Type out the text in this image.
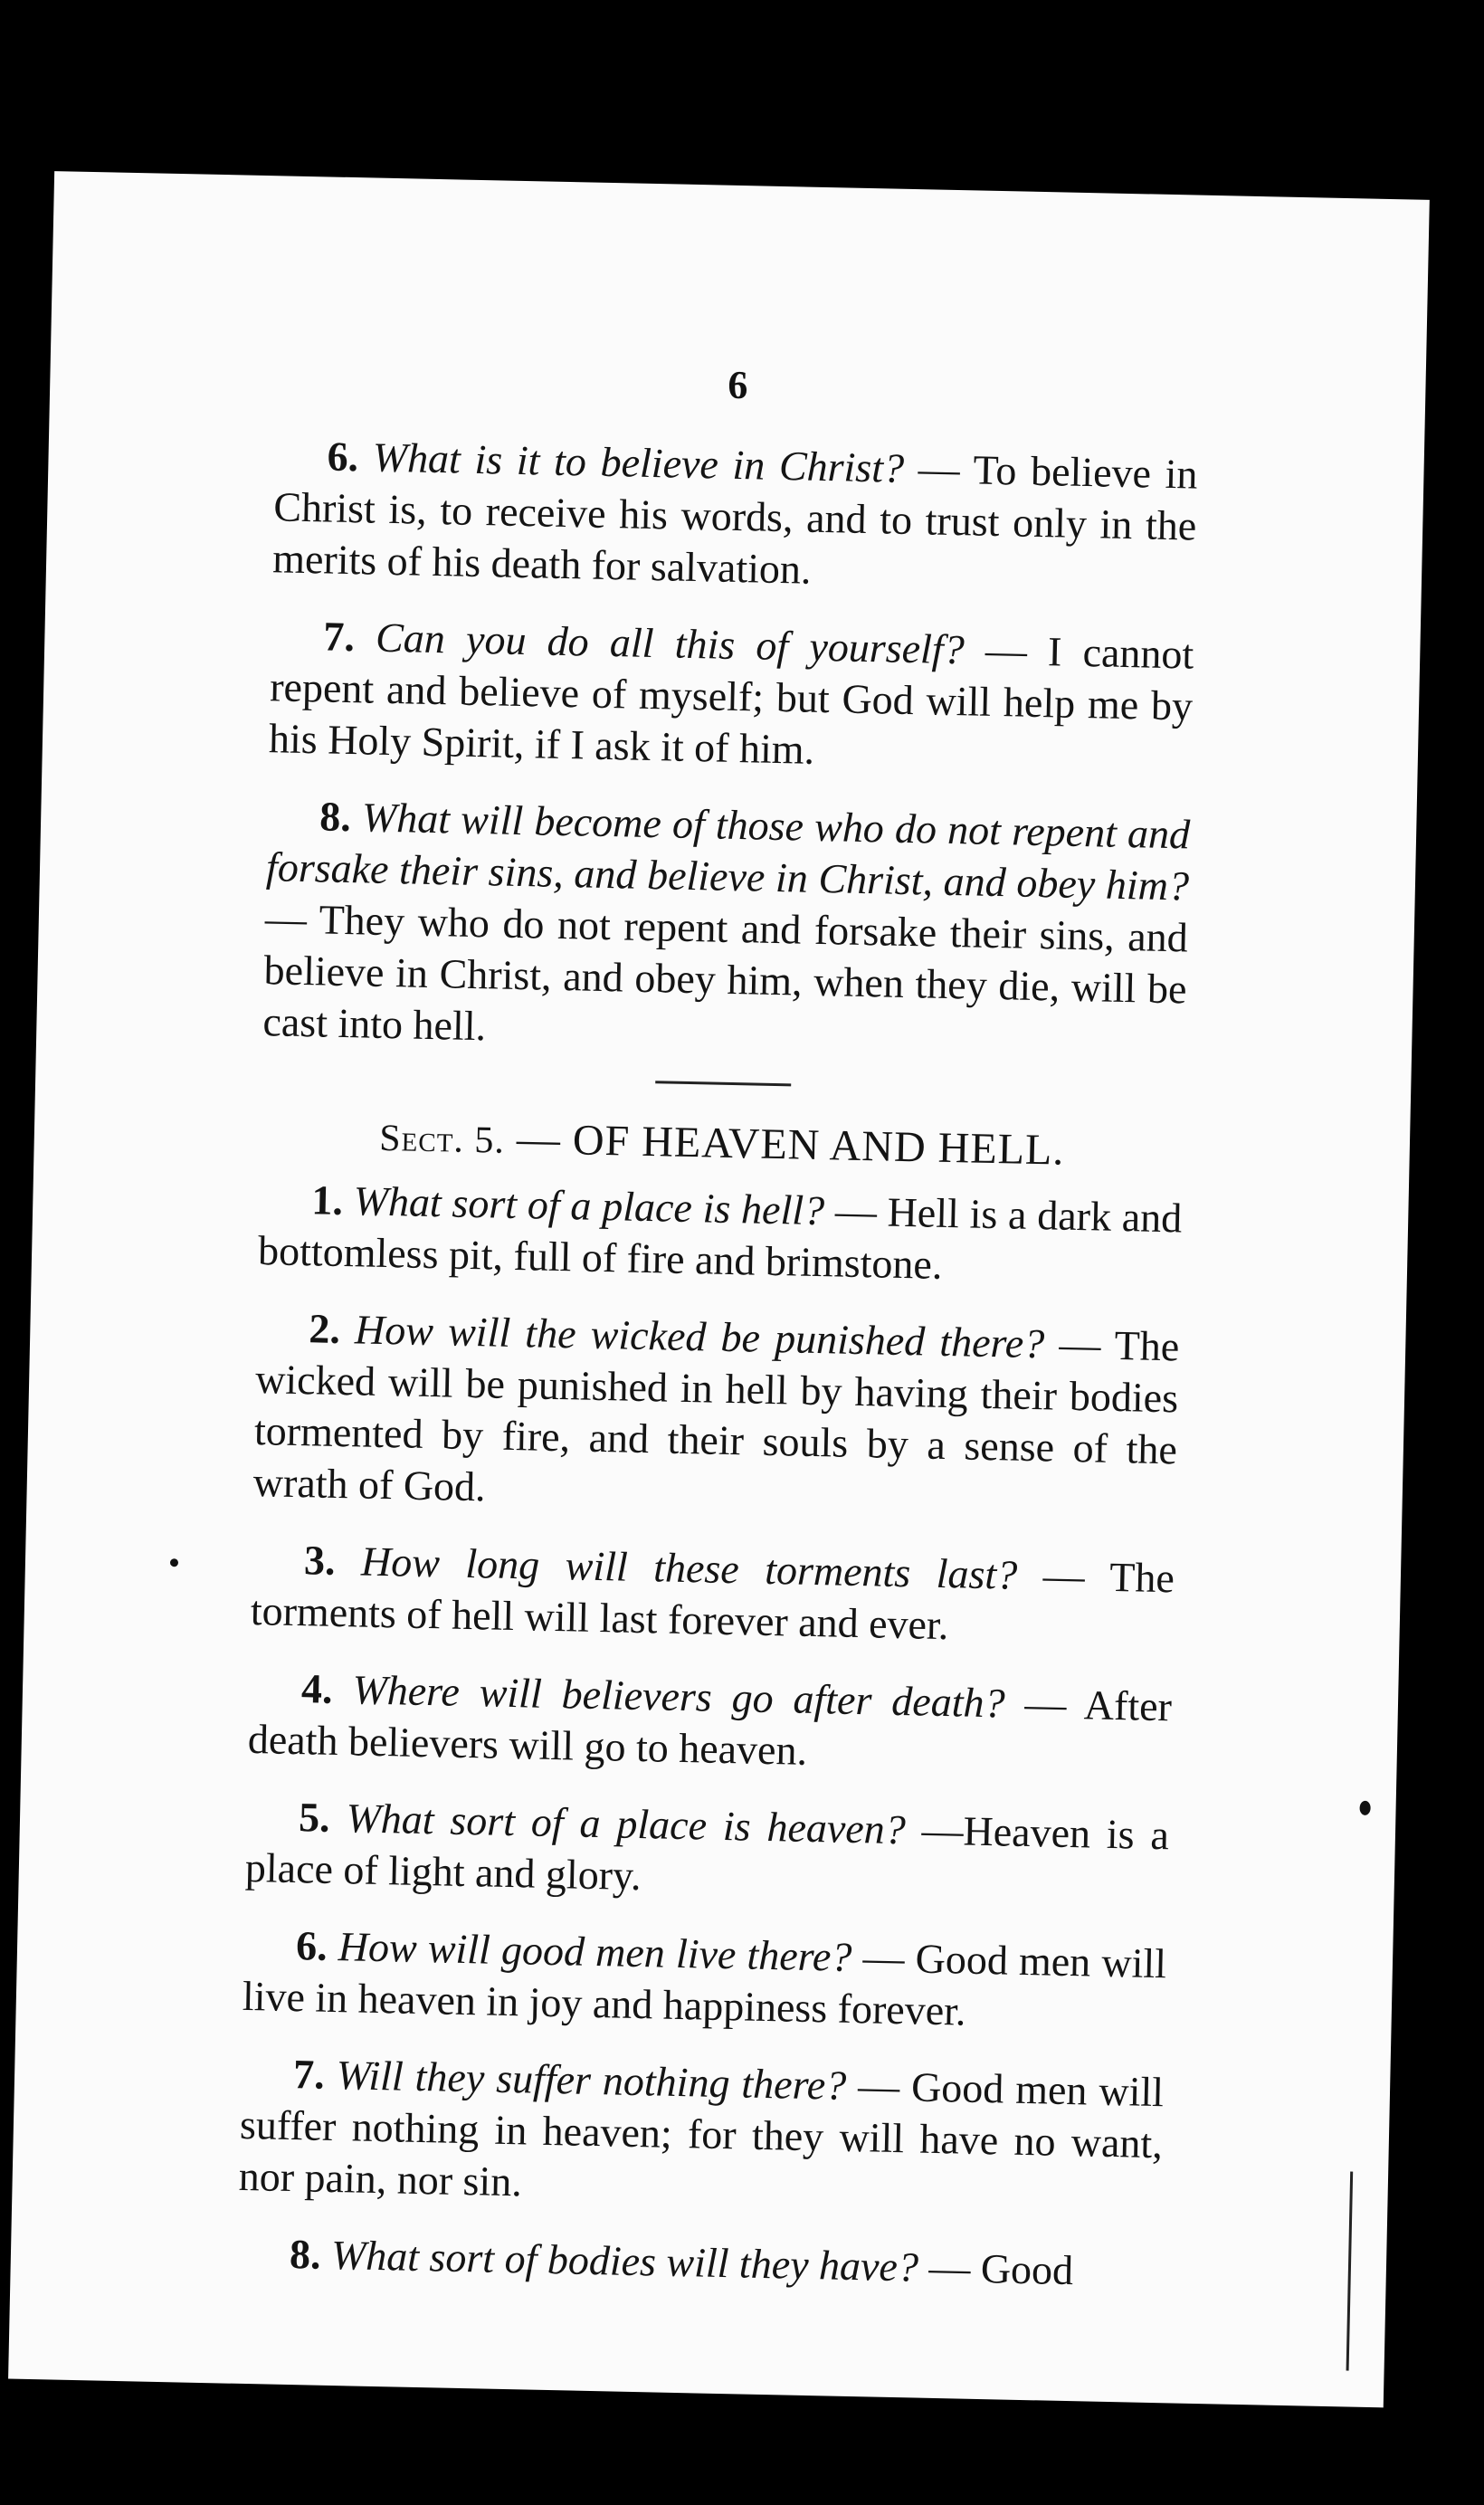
6

6. What is it to believe in Christ? — To believe in Christ is, to receive his words, and to trust only in the merits of his death for salvation.

7. Can you do all this of yourself? — I cannot repent and believe of myself; but God will help me by his Holy Spirit, if I ask it of him.

8. What will become of those who do not repent and forsake their sins, and believe in Christ, and obey him? — They who do not repent and forsake their sins, and believe in Christ, and obey him, when they die, will be cast into hell.

Sect. 5. — OF HEAVEN AND HELL.

1. What sort of a place is hell? — Hell is a dark and bottomless pit, full of fire and brimstone.

2. How will the wicked be punished there? — The wicked will be punished in hell by having their bodies tormented by fire, and their souls by a sense of the wrath of God.

3. How long will these torments last? — The torments of hell will last forever and ever.

4. Where will believers go after death? — After death believers will go to heaven.

5. What sort of a place is heaven? —Heaven is a place of light and glory.

6. How will good men live there? — Good men will live in heaven in joy and happiness forever.

7. Will they suffer nothing there? — Good men will suffer nothing in heaven; for they will have no want, nor pain, nor sin.

8. What sort of bodies will they have? — Good
